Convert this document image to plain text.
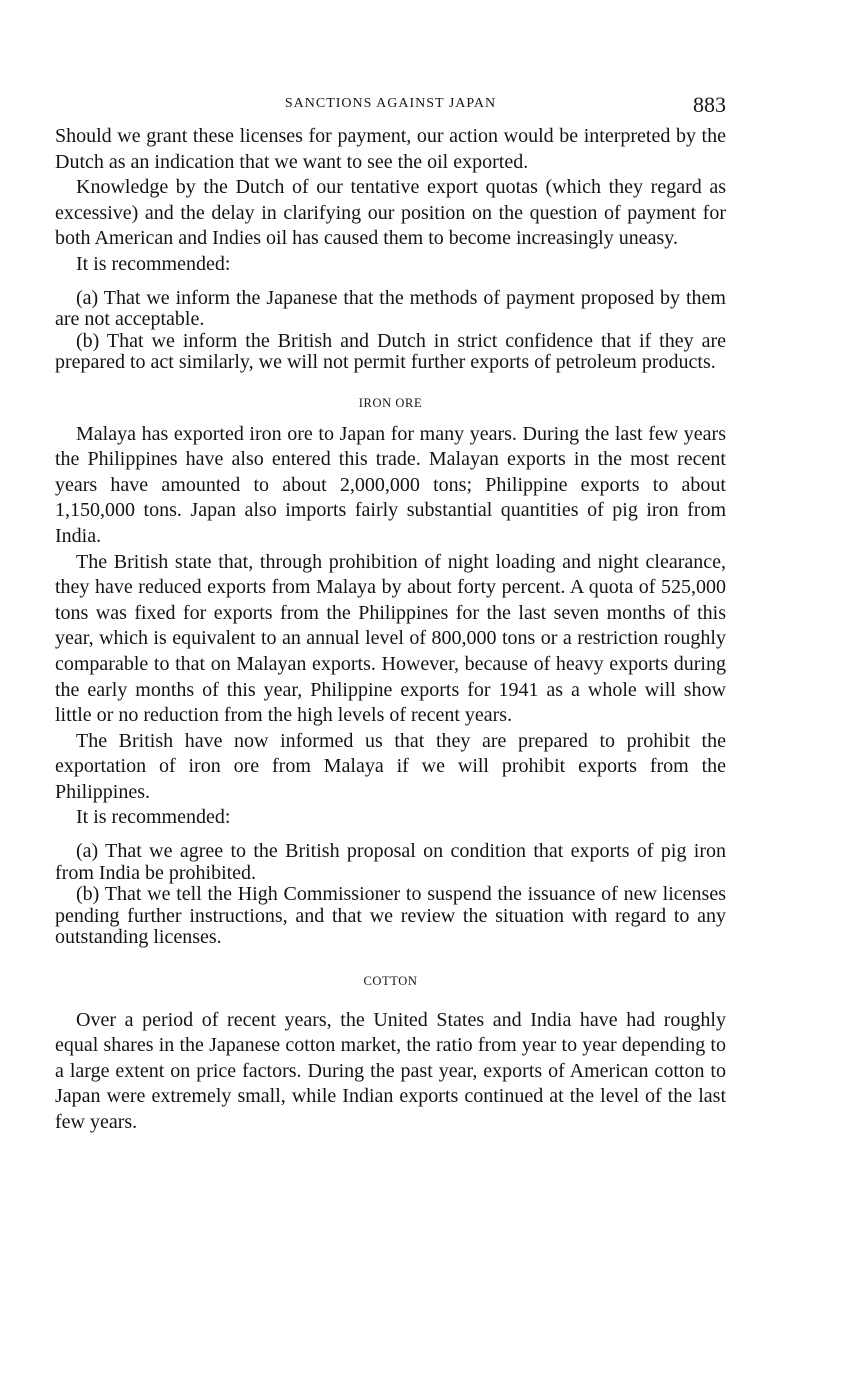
SANCTIONS AGAINST JAPAN	883

Should we grant these licenses for payment, our action would be interpreted by the Dutch as an indication that we want to see the oil exported.

Knowledge by the Dutch of our tentative export quotas (which they regard as excessive) and the delay in clarifying our position on the question of payment for both American and Indies oil has caused them to become increasingly uneasy.

It is recommended:

(a) That we inform the Japanese that the methods of payment proposed by them are not acceptable.

(b) That we inform the British and Dutch in strict confidence that if they are prepared to act similarly, we will not permit further exports of petroleum products.

IRON ORE

Malaya has exported iron ore to Japan for many years. During the last few years the Philippines have also entered this trade. Malayan exports in the most recent years have amounted to about 2,000,000 tons; Philippine exports to about 1,150,000 tons. Japan also imports fairly substantial quantities of pig iron from India.

The British state that, through prohibition of night loading and night clearance, they have reduced exports from Malaya by about forty percent. A quota of 525,000 tons was fixed for exports from the Philippines for the last seven months of this year, which is equivalent to an annual level of 800,000 tons or a restriction roughly comparable to that on Malayan exports. However, because of heavy exports during the early months of this year, Philippine exports for 1941 as a whole will show little or no reduction from the high levels of recent years.

The British have now informed us that they are prepared to prohibit the exportation of iron ore from Malaya if we will prohibit exports from the Philippines.

It is recommended:

(a) That we agree to the British proposal on condition that exports of pig iron from India be prohibited.

(b) That we tell the High Commissioner to suspend the issuance of new licenses pending further instructions, and that we review the situation with regard to any outstanding licenses.

COTTON

Over a period of recent years, the United States and India have had roughly equal shares in the Japanese cotton market, the ratio from year to year depending to a large extent on price factors. During the past year, exports of American cotton to Japan were extremely small, while Indian exports continued at the level of the last few years.
